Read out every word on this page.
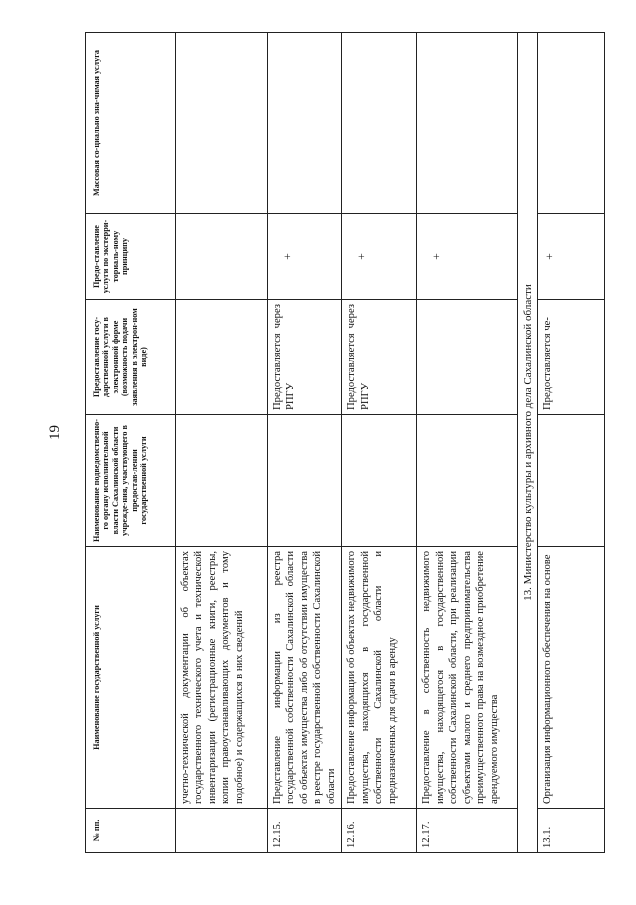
19
№ пп.	Наименование государственной услуги	Наименование подведомственно-го органу исполнительной власти Сахалинской области учрежде-ния, участвующего в предостав-лении государственной услуги	Предоставление госу-дарственной услуги в электронной форме (возможность подачи заявления в электрон-ном виде)	Предо-ставление услуги по экстерри-ториаль-ному принципу	Массовая со-циально зна-чимая услуга
	учетно-технической документации об объектах государственного технического учета и технической инвентаризации (регистрационные книги, реестры, копии правоустанавливающих документов и тому подобное) и содержащихся в них сведений				
12.15.	Представление информации из реестра государственной собственности Сахалинской области об объектах имущества либо об отсутствии имущества в реестре государственной собственности Сахалинской области		Предоставляется через РПГУ	+	
12.16.	Предоставление информации об объектах недвижимого имущества, находящихся в государственной собственности Сахалинской области и предназначенных для сдачи в аренду		Предоставляется через РПГУ	+	
12.17.	Предоставление в собственность недвижимого имущества, находящегося в государственной собственности Сахалинской области, при реализации субъектами малого и среднего предпринимательства преимущественного права на возмездное приобретение арендуемого имущества			+	
13. Министерство культуры и архивного дела Сахалинской области					
13.1.	Организация информационного обеспечения на основе		Предоставляется че-	+	
